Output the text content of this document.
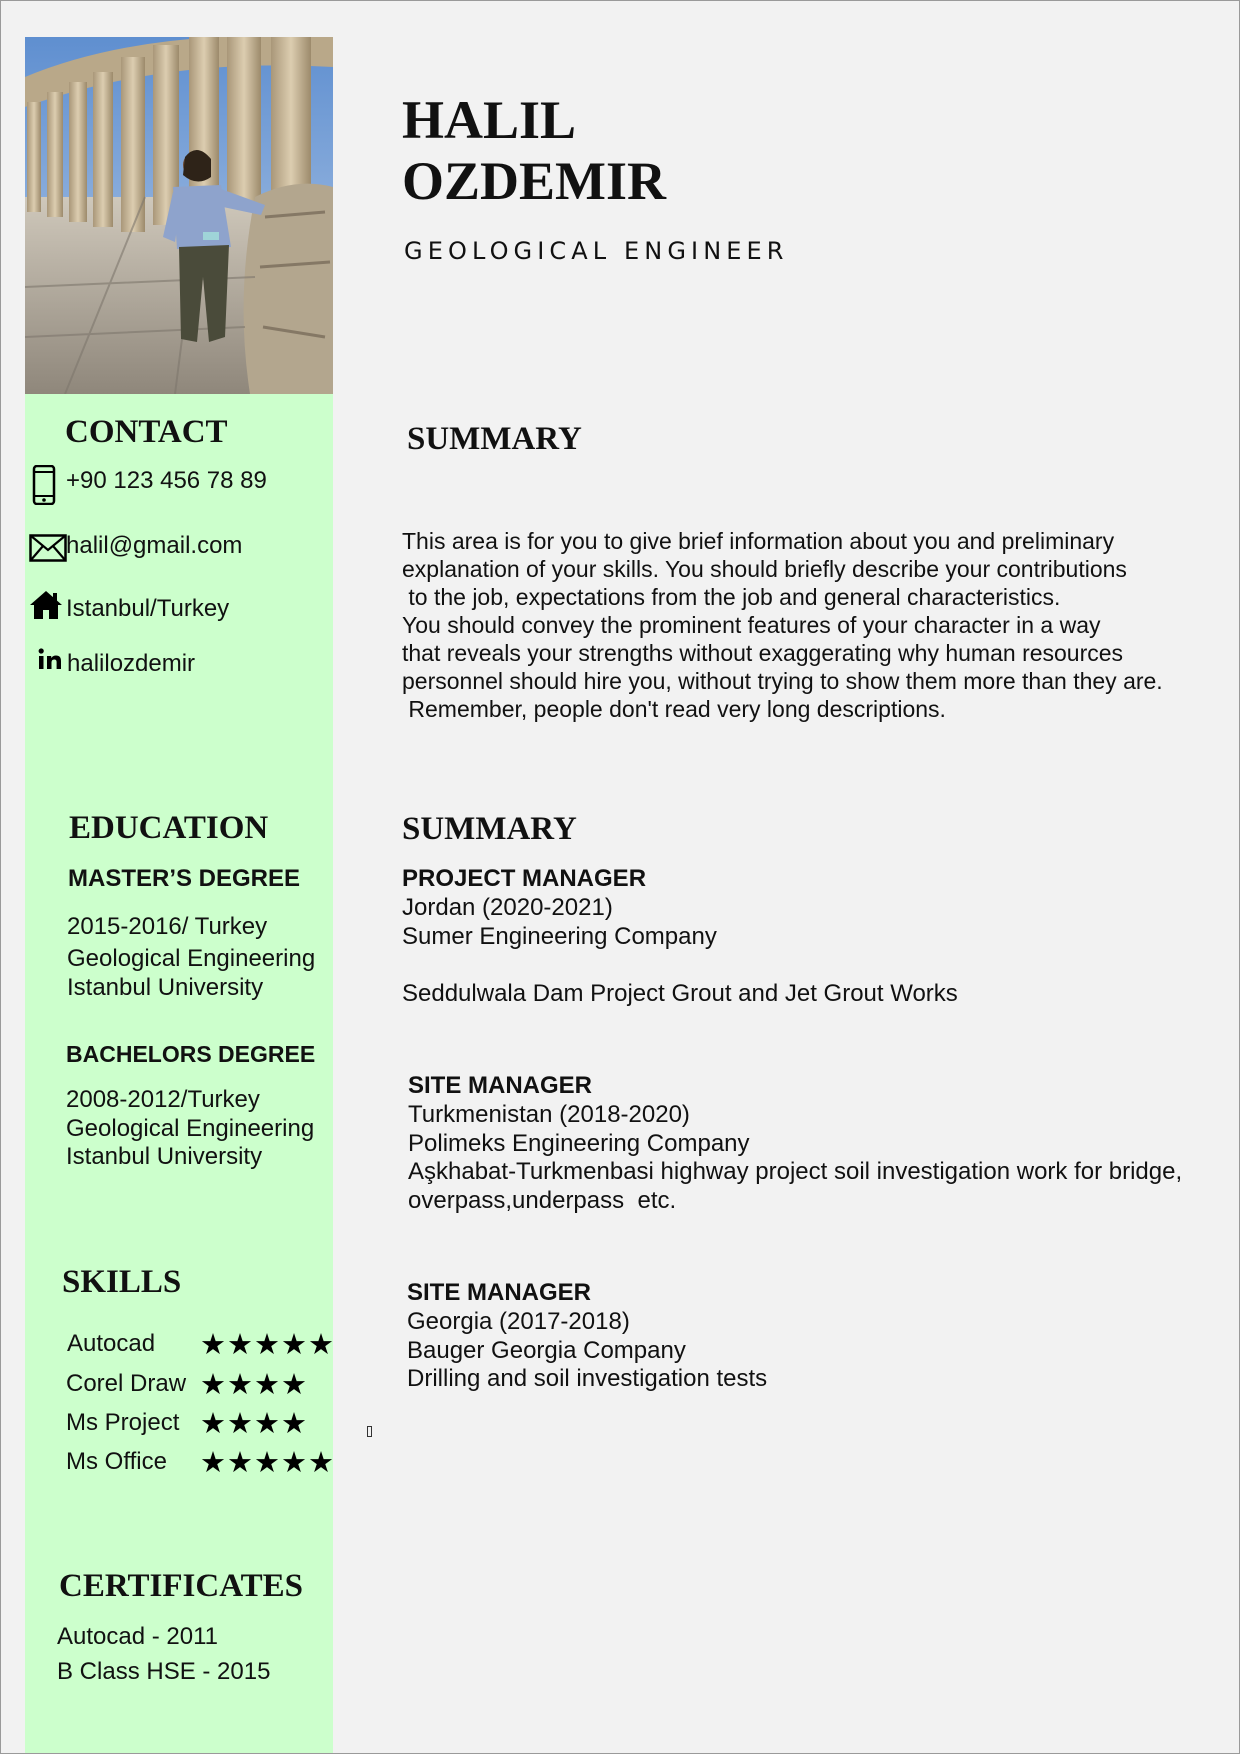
HALIL
OZDEMIR

GEOLOGICAL ENGINEER

CONTACT

+90 123 456 78 89

halil@gmail.com

Istanbul/Turkey

halilozdemir

EDUCATION

MASTER’S DEGREE

2015-2016/ Turkey

Geological Engineering

Istanbul University

BACHELORS DEGREE

2008-2012/Turkey

Geological Engineering

Istanbul University

SKILLS
Autocad ★★★★★
Corel Draw ★★★★
Ms Project ★★★★
Ms Office ★★★★★
CERTIFICATES

Autocad - 2011

B Class HSE - 2015

SUMMARY

This area is for you to give brief information about you and preliminary
explanation of your skills. You should briefly describe your contributions
to the job, expectations from the job and general characteristics.
You should convey the prominent features of your character in a way
that reveals your strengths without exaggerating why human resources
personnel should hire you, without trying to show them more than they are.
Remember, people don't read very long descriptions.

SUMMARY

PROJECT MANAGER

Jordan (2020-2021)
Sumer Engineering Company

Seddulwala Dam Project Grout and Jet Grout Works

SITE MANAGER

Turkmenistan (2018-2020)
Polimeks Engineering Company
Aşkhabat-Turkmenbasi highway project soil investigation work for bridge,
overpass,underpass  etc.

SITE MANAGER

Georgia (2017-2018)
Bauger Georgia Company
Drilling and soil investigation tests
